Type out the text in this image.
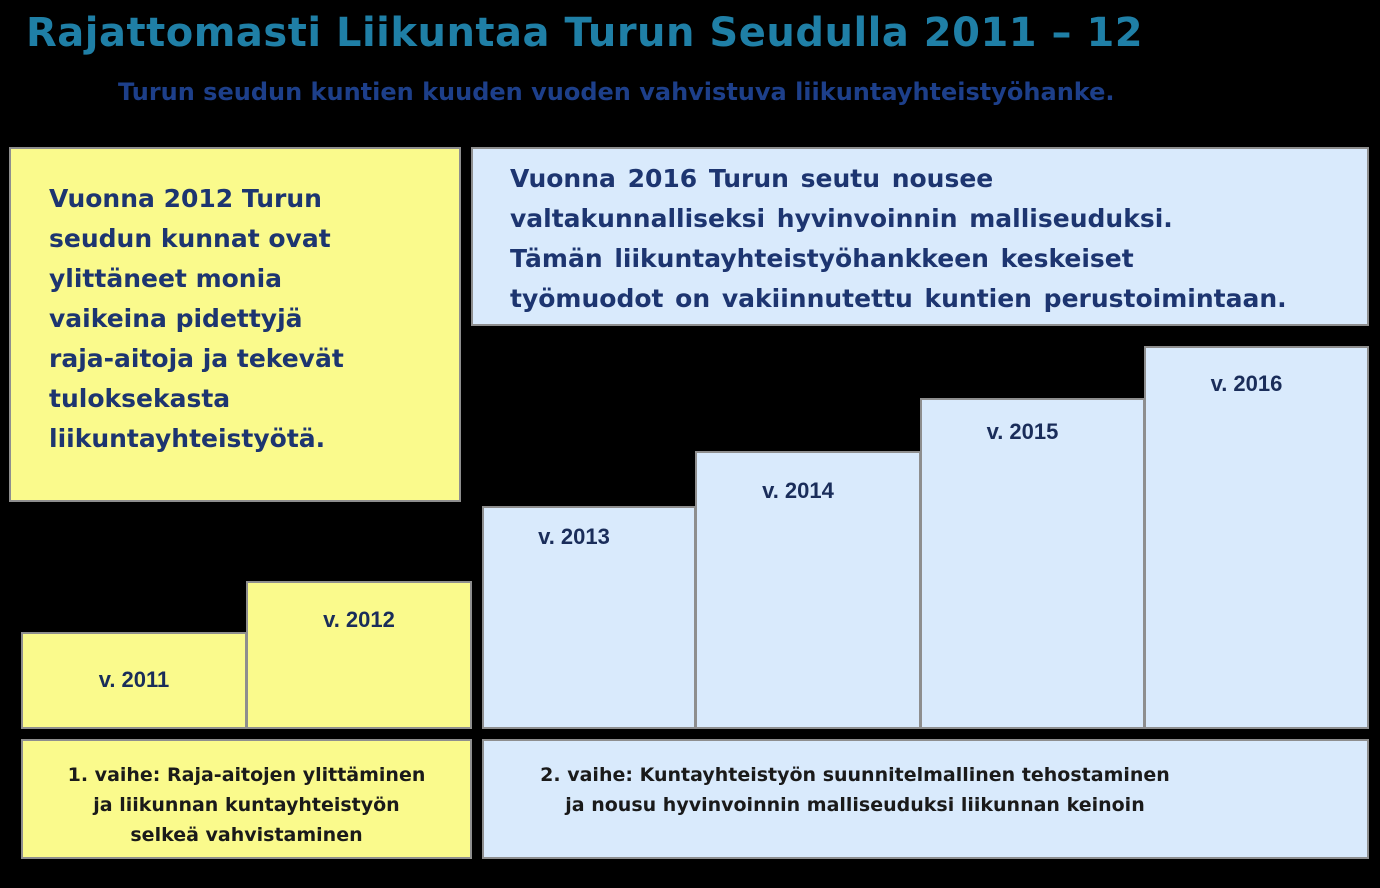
Rajattomasti Liikuntaa Turun Seudulla 2011 – 12
Turun seudun kuntien kuuden vuoden vahvistuva liikuntayhteistyöhanke.
Vuonna 2012 Turun
seudun kunnat ovat
ylittäneet monia
vaikeina pidettyjä
raja-aitoja ja tekevät
tuloksekasta
liikuntayhteistyötä.
Vuonna 2016 Turun seutu nousee
valtakunnalliseksi hyvinvoinnin malliseuduksi.
Tämän liikuntayhteistyöhankkeen keskeiset
työmuodot on vakiinnutettu kuntien perustoimintaan.
v. 2011
v. 2012
v. 2013
v. 2014
v. 2015
v. 2016
1. vaihe: Raja-aitojen ylittäminen
ja liikunnan kuntayhteistyön
selkeä vahvistaminen
2. vaihe: Kuntayhteistyön suunnitelmallinen tehostaminen
ja nousu hyvinvoinnin malliseuduksi liikunnan keinoin
